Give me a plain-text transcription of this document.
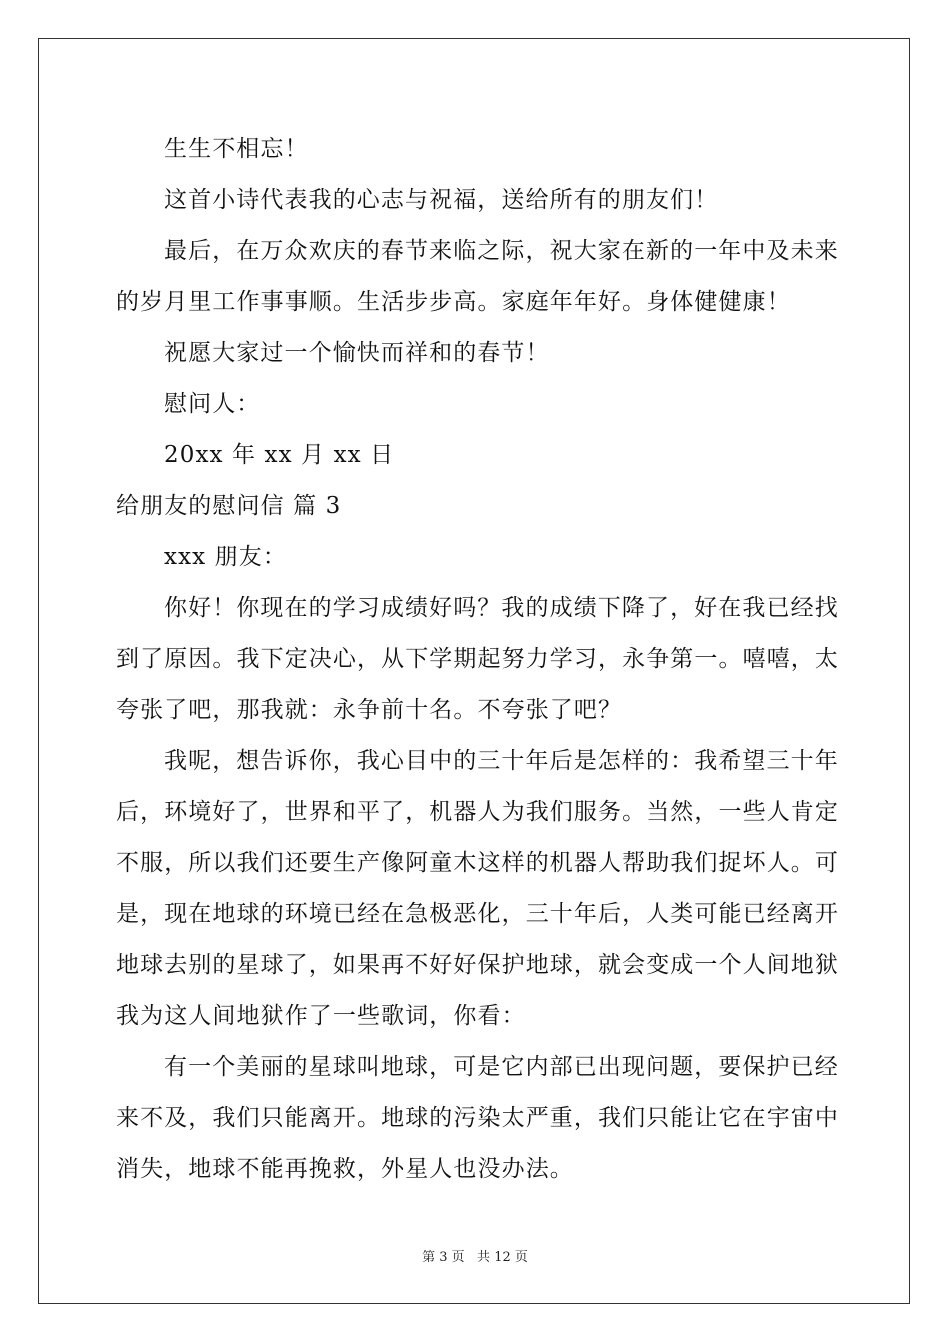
生生不相忘！
这首小诗代表我的心志与祝福，送给所有的朋友们！
最后，在万众欢庆的春节来临之际，祝大家在新的一年中及未来
的岁月里工作事事顺。生活步步高。家庭年年好。身体健健康！
祝愿大家过一个愉快而祥和的春节！
慰问人：
20xx 年 xx 月 xx 日
给朋友的慰问信 篇 3
xxx 朋友：
你好！你现在的学习成绩好吗？我的成绩下降了，好在我已经找
到了原因。我下定决心，从下学期起努力学习，永争第一。嘻嘻，太
夸张了吧，那我就：永争前十名。不夸张了吧？
我呢，想告诉你，我心目中的三十年后是怎样的：我希望三十年
后，环境好了，世界和平了，机器人为我们服务。当然，一些人肯定
不服，所以我们还要生产像阿童木这样的机器人帮助我们捉坏人。可
是，现在地球的环境已经在急极恶化，三十年后，人类可能已经离开
地球去别的星球了，如果再不好好保护地球，就会变成一个人间地狱
我为这人间地狱作了一些歌词，你看：
有一个美丽的星球叫地球，可是它内部已出现问题，要保护已经
来不及，我们只能离开。地球的污染太严重，我们只能让它在宇宙中
消失，地球不能再挽救，外星人也没办法。
第 3 页   共 12 页
